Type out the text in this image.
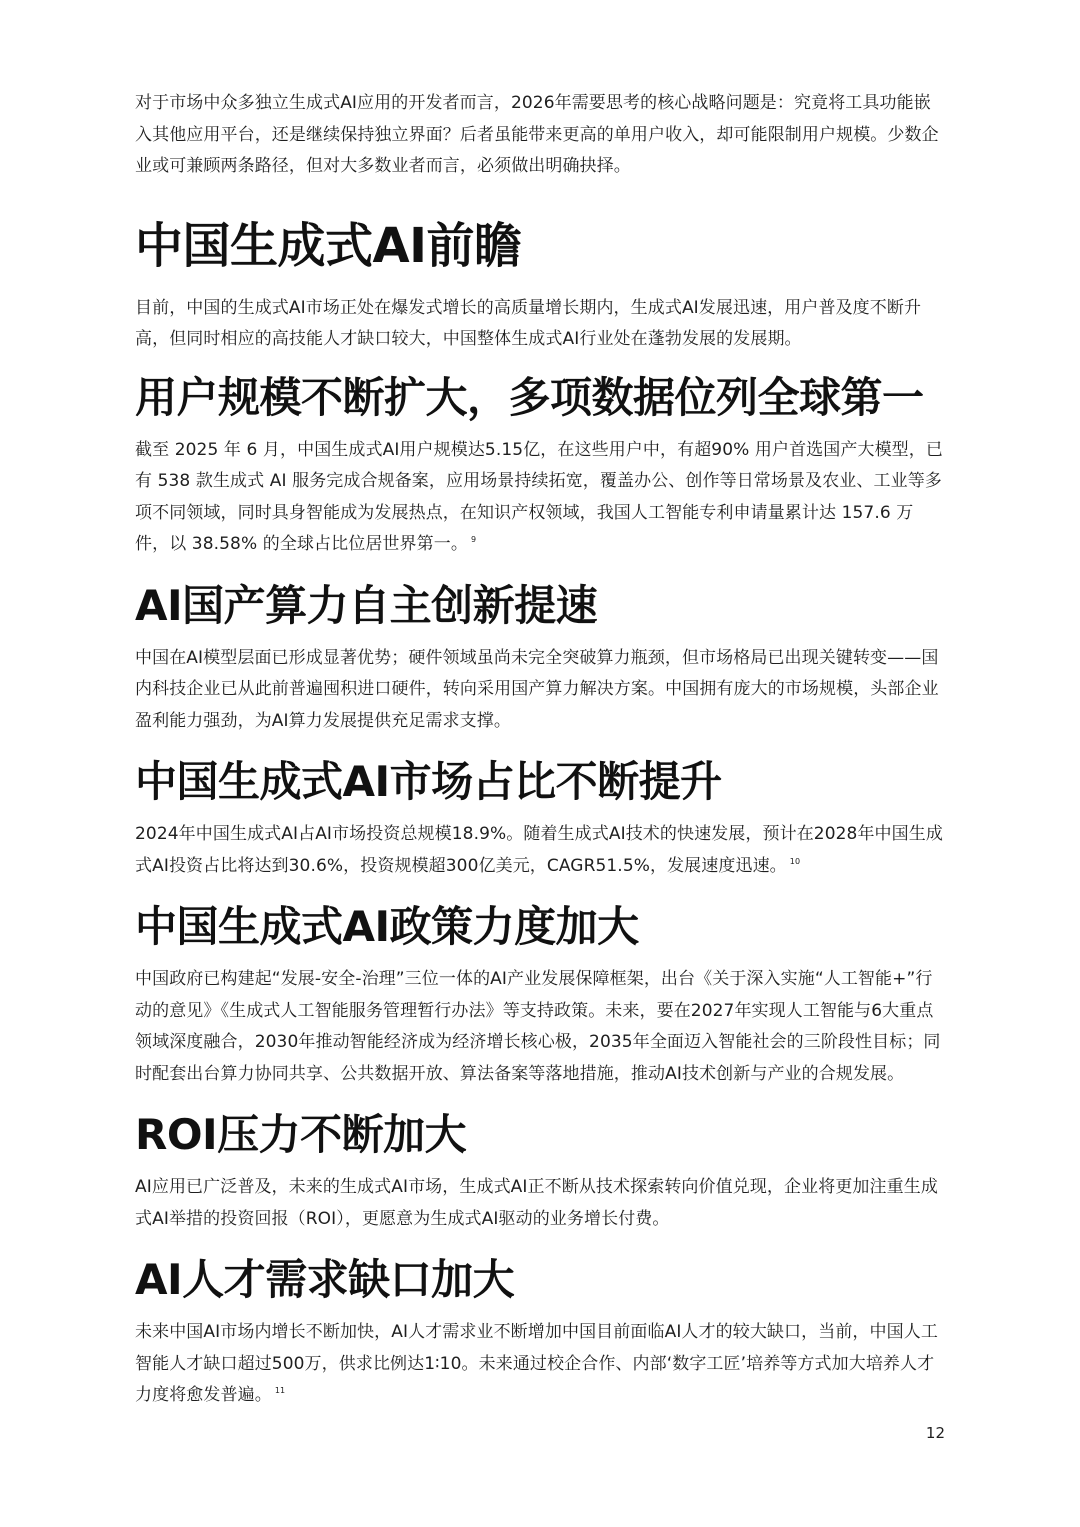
对于市场中众多独立生成式AI应用的开发者而言，2026年需要思考的核心战略问题是：究竟将工具功能嵌入其他应用平台，还是继续保持独立界面？后者虽能带来更高的单用户收入，却可能限制用户规模。少数企业或可兼顾两条路径，但对大多数业者而言，必须做出明确抉择。

中国生成式AI前瞻

目前，中国的生成式AI市场正处在爆发式增长的高质量增长期内，生成式AI发展迅速，用户普及度不断升高，但同时相应的高技能人才缺口较大，中国整体生成式AI行业处在蓬勃发展的发展期。

用户规模不断扩大，多项数据位列全球第一

截至 2025 年 6 月，中国生成式AI用户规模达5.15亿，在这些用户中，有超90% 用户首选国产大模型，已有 538 款生成式 AI 服务完成合规备案，应用场景持续拓宽，覆盖办公、创作等日常场景及农业、工业等多项不同领域，同时具身智能成为发展热点，在知识产权领域，我国人工智能专利申请量累计达 157.6 万件，以 38.58% 的全球占比位居世界第一。 $^9$

AI国产算力自主创新提速

中国在AI模型层面已形成显著优势；硬件领域虽尚未完全突破算力瓶颈，但市场格局已出现关键转变——国内科技企业已从此前普遍囤积进口硬件，转向采用国产算力解决方案。中国拥有庞大的市场规模，头部企业盈利能力强劲，为AI算力发展提供充足需求支撑。

中国生成式AI市场占比不断提升

2024年中国生成式AI占AI市场投资总规模18.9%。随着生成式AI技术的快速发展，预计在2028年中国生成式AI投资占比将达到30.6%，投资规模超300亿美元，CAGR51.5%，发展速度迅速。 $^{10}$

中国生成式AI政策力度加大

中国政府已构建起“发展-安全-治理”三位一体的AI产业发展保障框架，出台《关于深入实施“人工智能+”行动的意见》《生成式人工智能服务管理暂行办法》等支持政策。未来，要在2027年实现人工智能与6大重点领域深度融合，2030年推动智能经济成为经济增长核心极，2035年全面迈入智能社会的三阶段性目标；同时配套出台算力协同共享、公共数据开放、算法备案等落地措施，推动AI技术创新与产业的合规发展。

ROI压力不断加大

AI应用已广泛普及，未来的生成式AI市场，生成式AI正不断从技术探索转向价值兑现，企业将更加注重生成式AI举措的投资回报（ROI），更愿意为生成式AI驱动的业务增长付费。

AI人才需求缺口加大

未来中国AI市场内增长不断加快，AI人才需求业不断增加中国目前面临AI人才的较大缺口，当前，中国人工智能人才缺口超过500万，供求比例达1∶10。未来通过校企合作、内部‘数字工匠’培养等方式加大培养人才力度将愈发普遍。 $^{11}$

12
